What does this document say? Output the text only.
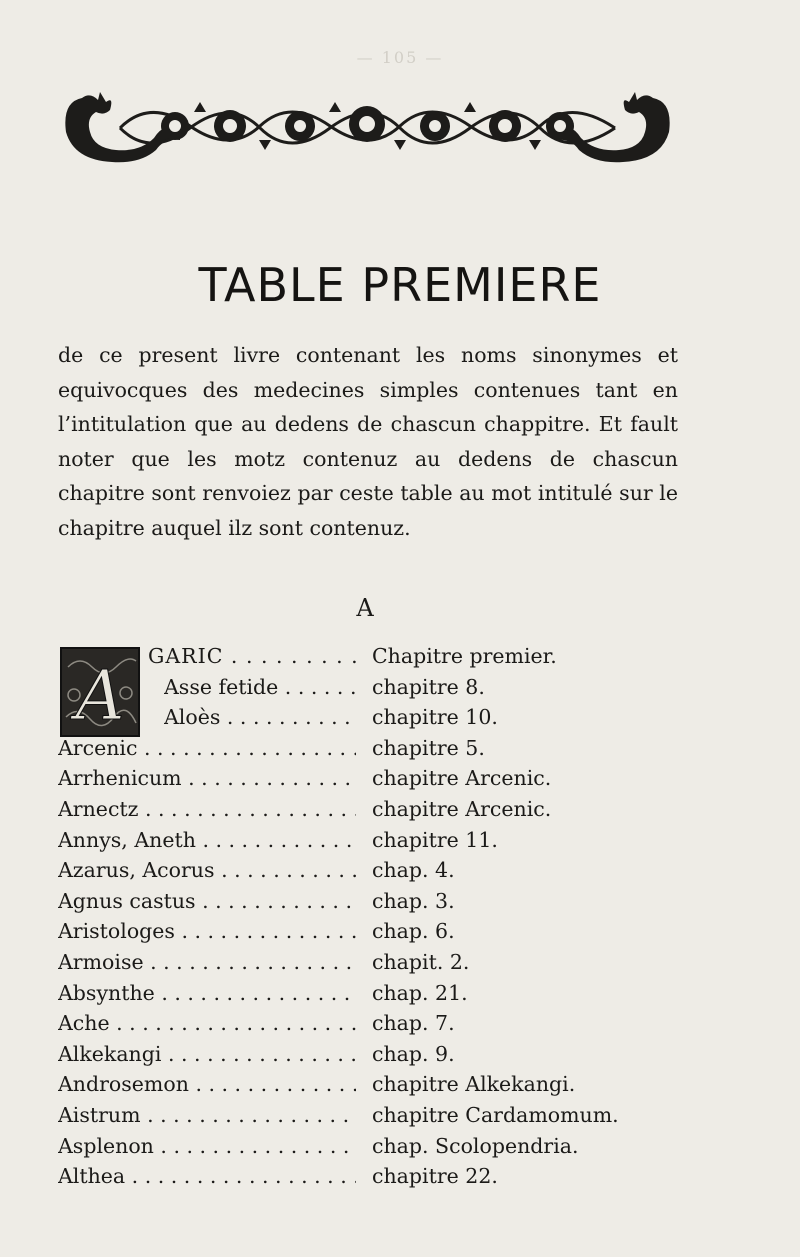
— 105 —
TABLE PREMIERE

de ce present livre contenant les noms sinonymes et equivocques des medecines simples contenues tant en l’intitulation que au dedens de chascun chappitre. Et fault noter que les motz contenuz au dedens de chascun chapitre sont renvoiez par ceste table au mot intitulé sur le chapitre auquel ilz sont contenuz.

A
A
GARIC . . .	Chapitre premier.
Asse fetide . . .	chapitre 8.
Aloès . . .	chapitre 10.
Arcenic . . .	chapitre 5.
Arrhenicum . . .	chapitre Arcenic.
Arnectz . . .	chapitre Arcenic.
Annys, Aneth . . .	chapitre 11.
Azarus, Acorus . . .	chap. 4.
Agnus castus . . .	chap. 3.
Aristologes . . .	chap. 6.
Armoise . . .	chapit. 2.
Absynthe . . .	chap. 21.
Ache . . .	chap. 7.
Alkekangi . . .	chap. 9.
Androsemon . . .	chapitre Alkekangi.
Aistrum . . .	chapitre Cardamomum.
Asplenon . . .	chap. Scolopendria.
Althea . . .	chapitre 22.
